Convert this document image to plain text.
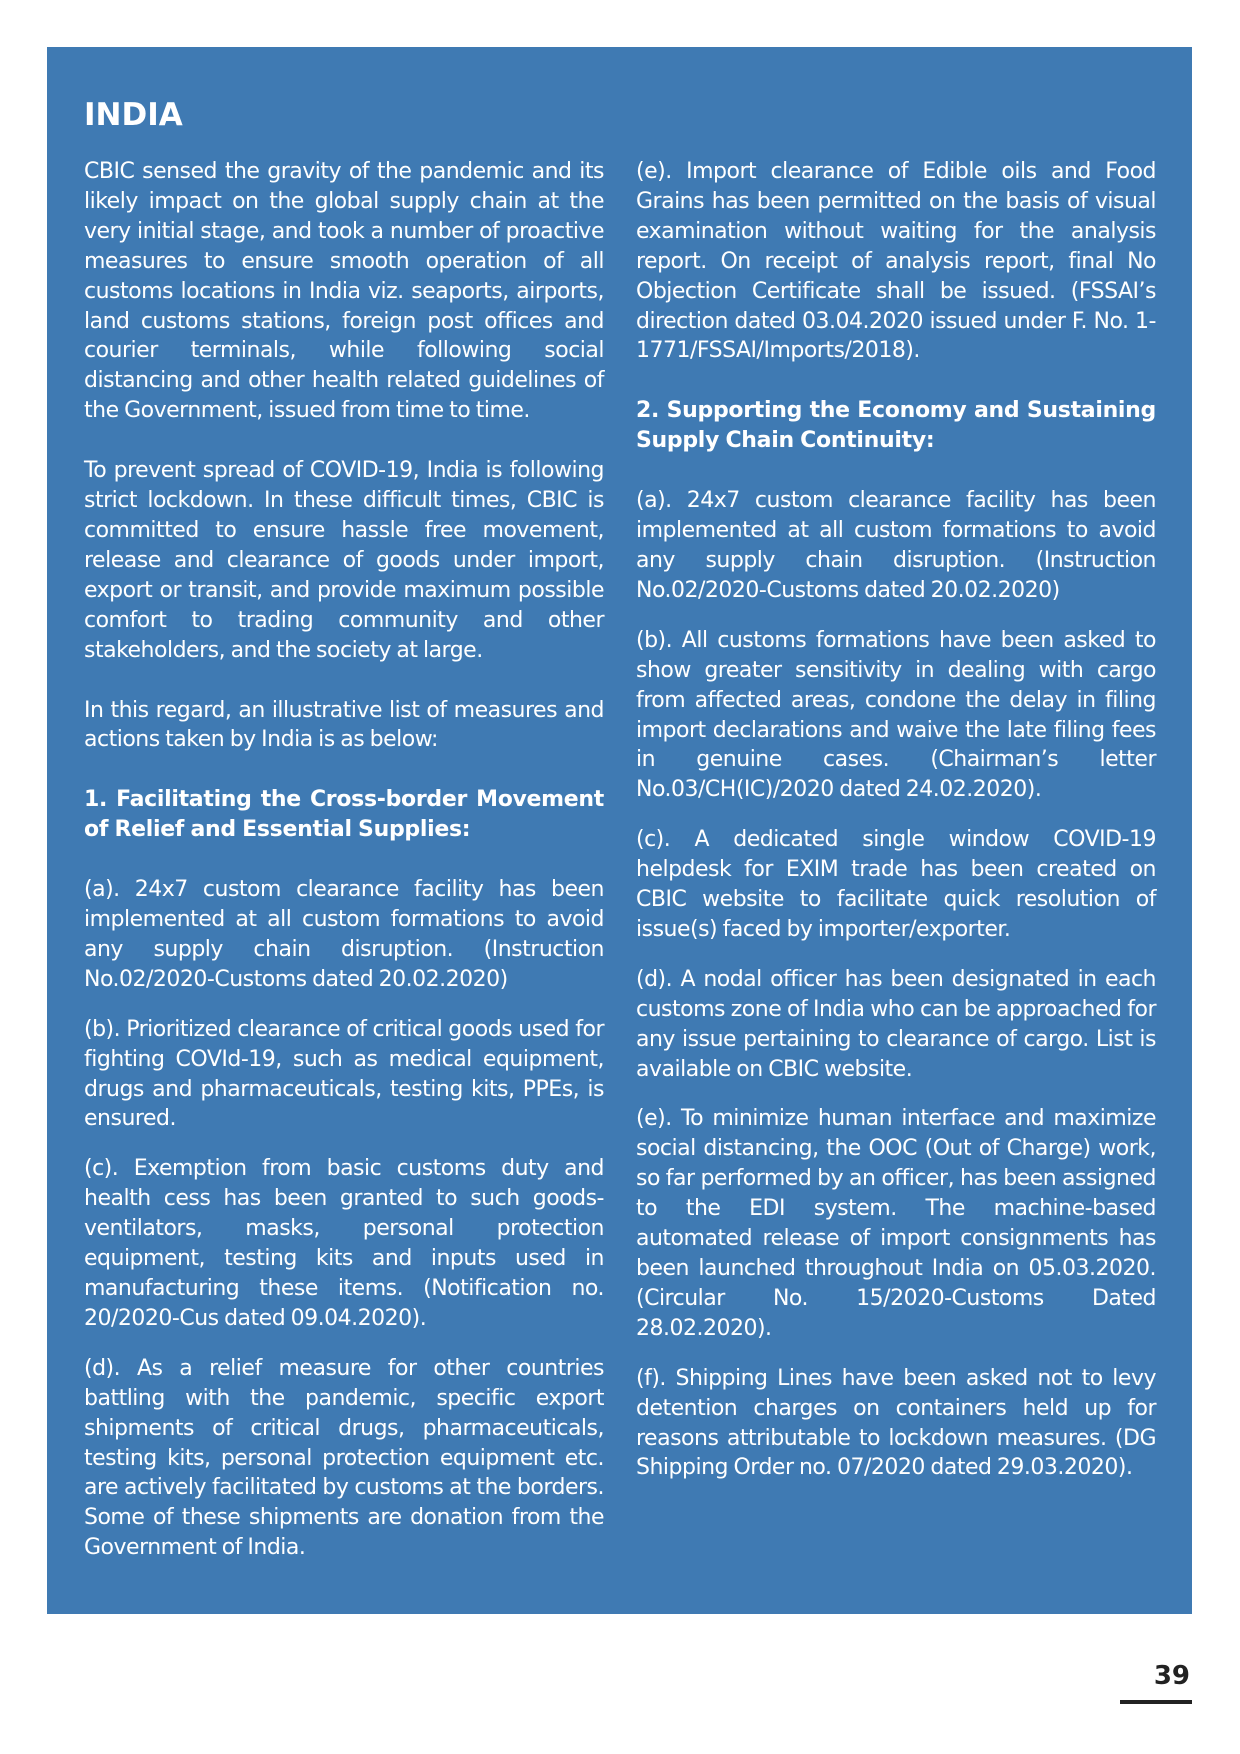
INDIA

CBIC sensed the gravity of the pandemic and its likely impact on the global supply chain at the very initial stage, and took a number of proactive measures to ensure smooth operation of all customs locations in India viz. seaports, airports, land customs stations, foreign post offices and courier terminals, while following social distancing and other health related guidelines of the Government, issued from time to time.

To prevent spread of COVID-19, India is following strict lockdown. In these difficult times, CBIC is committed to ensure hassle free movement, release and clearance of goods under import, export or transit, and provide maximum possible comfort to trading community and other stakeholders, and the society at large.

In this regard, an illustrative list of measures and actions taken by India is as below:

1. Facilitating the Cross-border Movement of Relief and Essential Supplies:

(a). 24x7 custom clearance facility has been implemented at all custom formations to avoid any supply chain disruption. (Instruction No.02/2020-Customs dated 20.02.2020)

(b). Prioritized clearance of critical goods used for fighting COVId-19, such as medical equipment, drugs and pharmaceuticals, testing kits, PPEs, is ensured.

(c). Exemption from basic customs duty and health cess has been granted to such goods- ventilators, masks, personal protection equipment, testing kits and inputs used in manufacturing these items. (Notification no. 20/2020-Cus dated 09.04.2020).

(d). As a relief measure for other countries battling with the pandemic, specific export shipments of critical drugs, pharmaceuticals, testing kits, personal protection equipment etc. are actively facilitated by customs at the borders. Some of these shipments are donation from the Government of India.

(e). Import clearance of Edible oils and Food Grains has been permitted on the basis of visual examination without waiting for the analysis report. On receipt of analysis report, final No Objection Certificate shall be issued. (FSSAI’s direction dated 03.04.2020 issued under F. No. 1-1771/FSSAI/Imports/2018).

2. Supporting the Economy and Sustaining Supply Chain Continuity:

(a). 24x7 custom clearance facility has been implemented at all custom formations to avoid any supply chain disruption. (Instruction No.02/2020-Customs dated 20.02.2020)

(b). All customs formations have been asked to show greater sensitivity in dealing with cargo from affected areas, condone the delay in filing import declarations and waive the late filing fees in genuine cases. (Chairman’s letter No.03/CH(IC)/2020 dated 24.02.2020).

(c). A dedicated single window COVID-19 helpdesk for EXIM trade has been created on CBIC website to facilitate quick resolution of issue(s) faced by importer/exporter.

(d). A nodal officer has been designated in each customs zone of India who can be approached for any issue pertaining to clearance of cargo. List is available on CBIC website.

(e). To minimize human interface and maximize social distancing, the OOC (Out of Charge) work, so far performed by an officer, has been assigned to the EDI system. The machine-based automated release of import consignments has been launched throughout India on 05.03.2020. (Circular No. 15/2020-Customs Dated 28.02.2020).

(f). Shipping Lines have been asked not to levy detention charges on containers held up for reasons attributable to lockdown measures. (DG Shipping Order no. 07/2020 dated 29.03.2020).

39
